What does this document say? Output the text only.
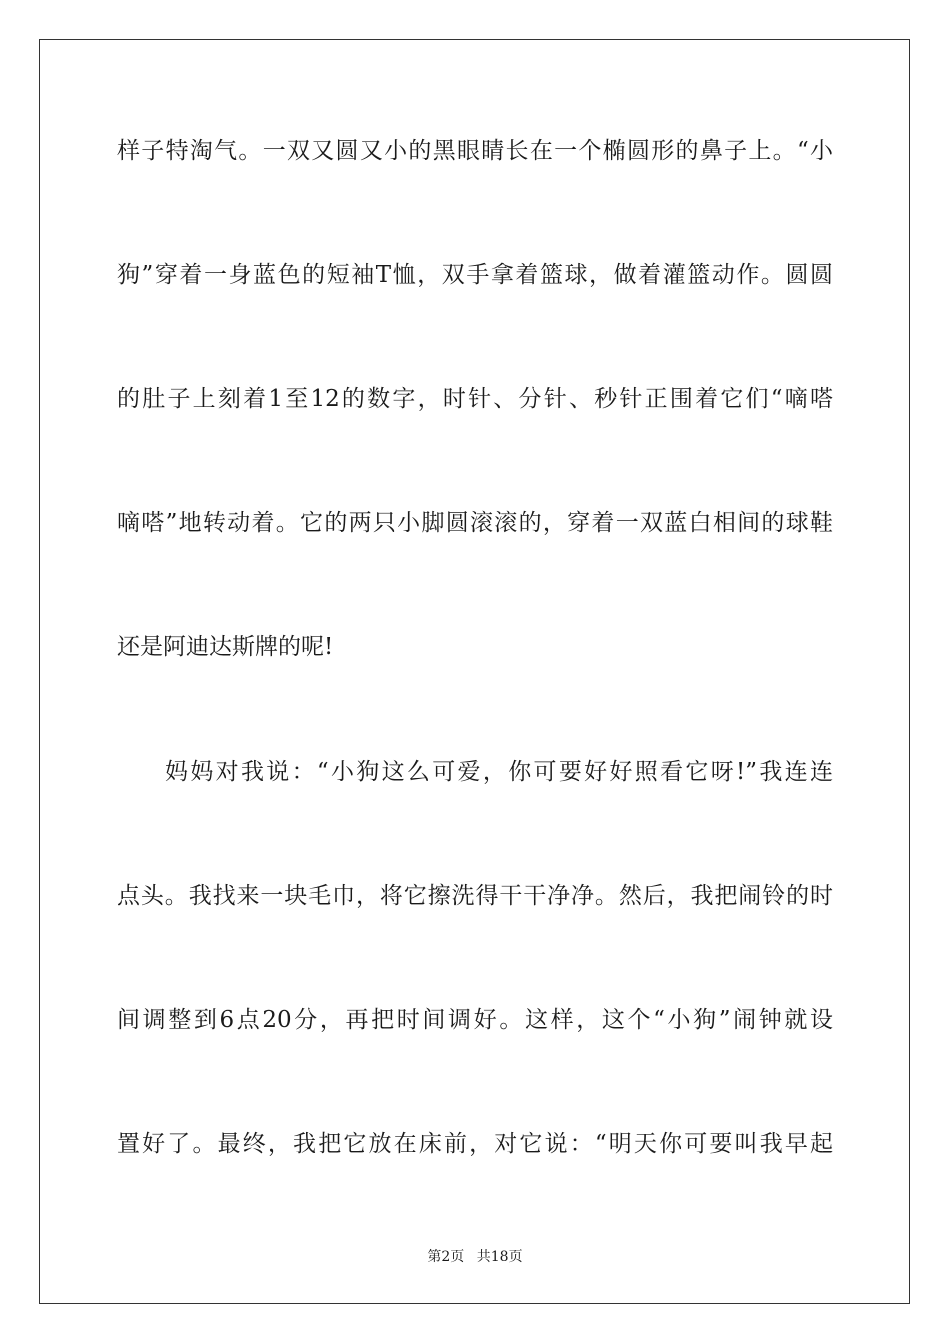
样子特淘气。一双又圆又小的黑眼睛长在一个椭圆形的鼻子上。“小
狗”穿着一身蓝色的短袖T恤，双手拿着篮球，做着灌篮动作。圆圆
的肚子上刻着1至12的数字，时针、分针、秒针正围着它们“嘀嗒
嘀嗒”地转动着。它的两只小脚圆滚滚的，穿着一双蓝白相间的球鞋
还是阿迪达斯牌的呢!
妈妈对我说：“小狗这么可爱，你可要好好照看它呀!”我连连
点头。我找来一块毛巾，将它擦洗得干干净净。然后，我把闹铃的时
间调整到6点20分，再把时间调好。这样，这个“小狗”闹钟就设
置好了。最终，我把它放在床前，对它说：“明天你可要叫我早起
第2页 共18页
